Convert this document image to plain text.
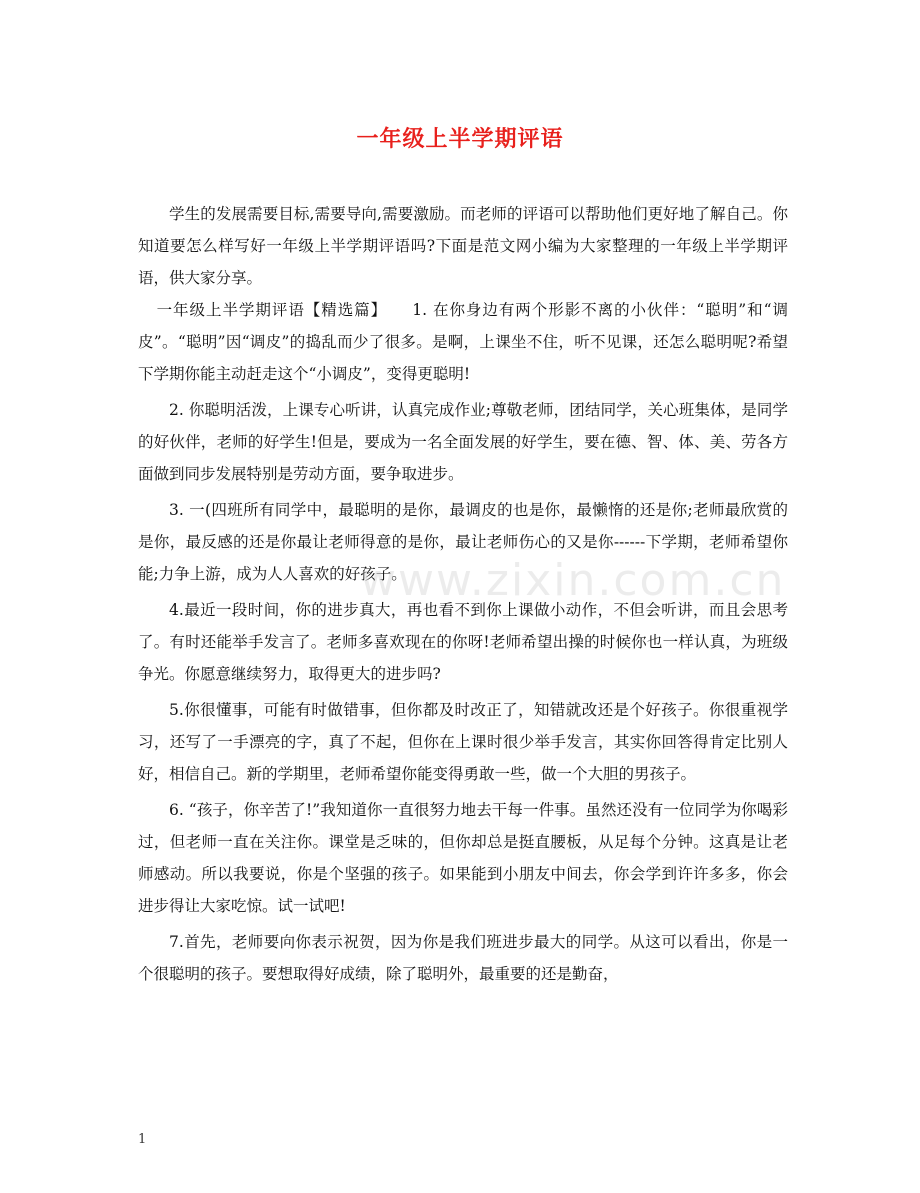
一年级上半学期评语

学生的发展需要目标,需要导向,需要激励。而老师的评语可以帮助他们更好地了解自己。你知道要怎么样写好一年级上半学期评语吗?下面是范文网小编为大家整理的一年级上半学期评语，供大家分享。

一年级上半学期评语【精选篇】　　1. 在你身边有两个形影不离的小伙伴：“聪明”和“调皮”。“聪明”因“调皮”的捣乱而少了很多。是啊，上课坐不住，听不见课，还怎么聪明呢?希望下学期你能主动赶走这个“小调皮”，变得更聪明!

2. 你聪明活泼，上课专心听讲，认真完成作业;尊敬老师，团结同学，关心班集体，是同学的好伙伴，老师的好学生!但是，要成为一名全面发展的好学生，要在德、智、体、美、劳各方面做到同步发展特别是劳动方面，要争取进步。

3. 一(四班所有同学中，最聪明的是你，最调皮的也是你，最懒惰的还是你;老师最欣赏的是你，最反感的还是你最让老师得意的是你，最让老师伤心的又是你------下学期，老师希望你能;力争上游，成为人人喜欢的好孩子。

4.最近一段时间，你的进步真大，再也看不到你上课做小动作，不但会听讲，而且会思考了。有时还能举手发言了。老师多喜欢现在的你呀!老师希望出操的时候你也一样认真，为班级争光。你愿意继续努力，取得更大的进步吗?

5.你很懂事，可能有时做错事，但你都及时改正了，知错就改还是个好孩子。你很重视学习，还写了一手漂亮的字，真了不起，但你在上课时很少举手发言，其实你回答得肯定比别人好，相信自己。新的学期里，老师希望你能变得勇敢一些，做一个大胆的男孩子。

6. “孩子，你辛苦了!”我知道你一直很努力地去干每一件事。虽然还没有一位同学为你喝彩过，但老师一直在关注你。课堂是乏味的，但你却总是挺直腰板，从足每个分钟。这真是让老师感动。所以我要说，你是个坚强的孩子。如果能到小朋友中间去，你会学到许许多多，你会进步得让大家吃惊。试一试吧!

7.首先，老师要向你表示祝贺，因为你是我们班进步最大的同学。从这可以看出，你是一个很聪明的孩子。要想取得好成绩，除了聪明外，最重要的还是勤奋，

www.zixin.com.cn
1
